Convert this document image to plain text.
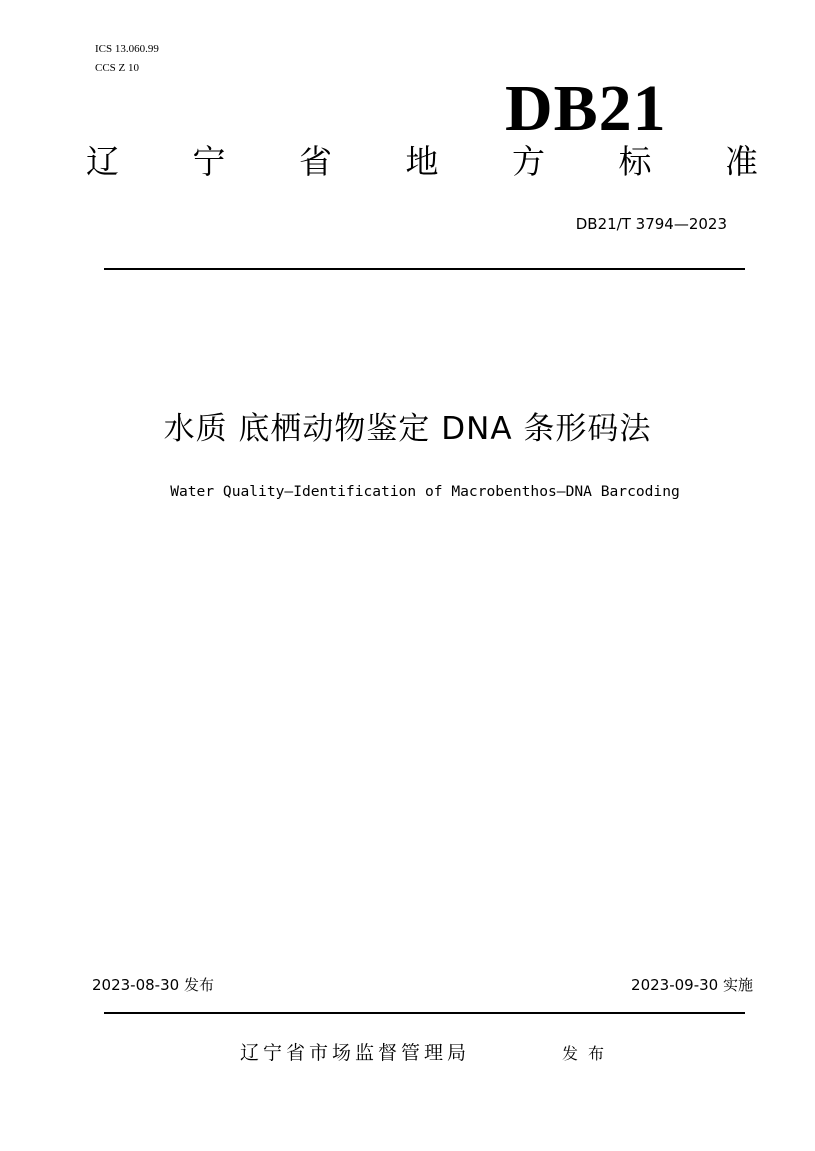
ICS 13.060.99
CCS Z 10
DB21
辽 宁 省 地 方 标 准
DB21/T 3794—2023
水质 底栖动物鉴定 DNA 条形码法
Water Quality—Identification of Macrobenthos—DNA Barcoding
2023-08-30 发布	2023-09-30 实施
辽宁省市场监督管理局	发布
